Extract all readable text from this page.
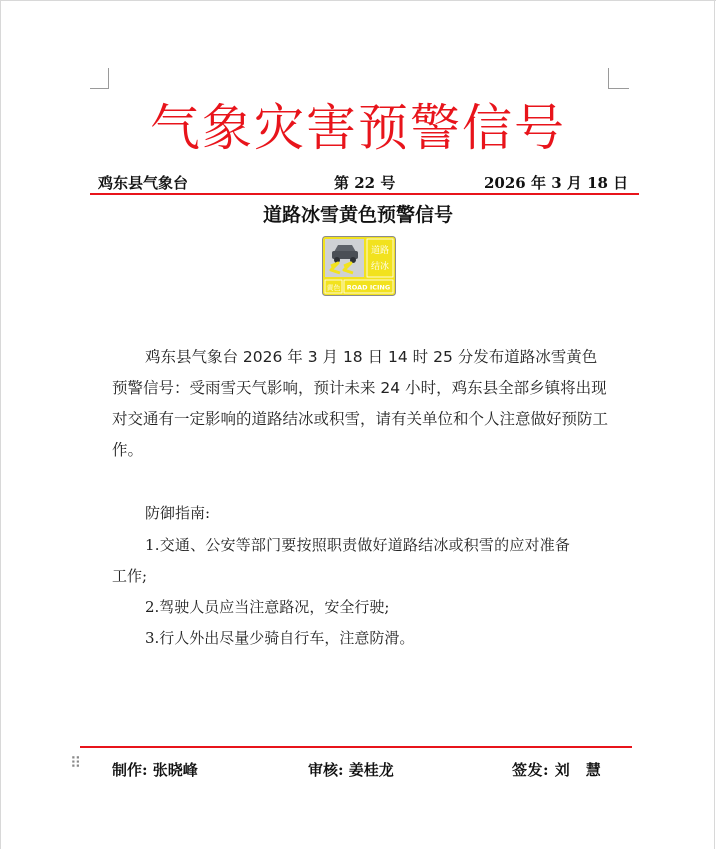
气象灾害预警信号
鸡东县气象台	第 22 号	2026 年 3 月 18 日
道路冰雪黄色预警信号
道路
结冰
黄色 ROAD ICING
鸡东县气象台 2026 年 3 月 18 日 14 时 25 分发布道路冰雪黄色预警信号：受雨雪天气影响，预计未来 24 小时，鸡东县全部乡镇将出现对交通有一定影响的道路结冰或积雪，请有关单位和个人注意做好预防工作。
防御指南:
1.交通、公安等部门要按照职责做好道路结冰或积雪的应对准备
工作;
2.驾驶人员应当注意路况，安全行驶;
3.行人外出尽量少骑自行车，注意防滑。
⠿ 制作: 张晓峰	审核: 姜桂龙	签发: 刘　慧
